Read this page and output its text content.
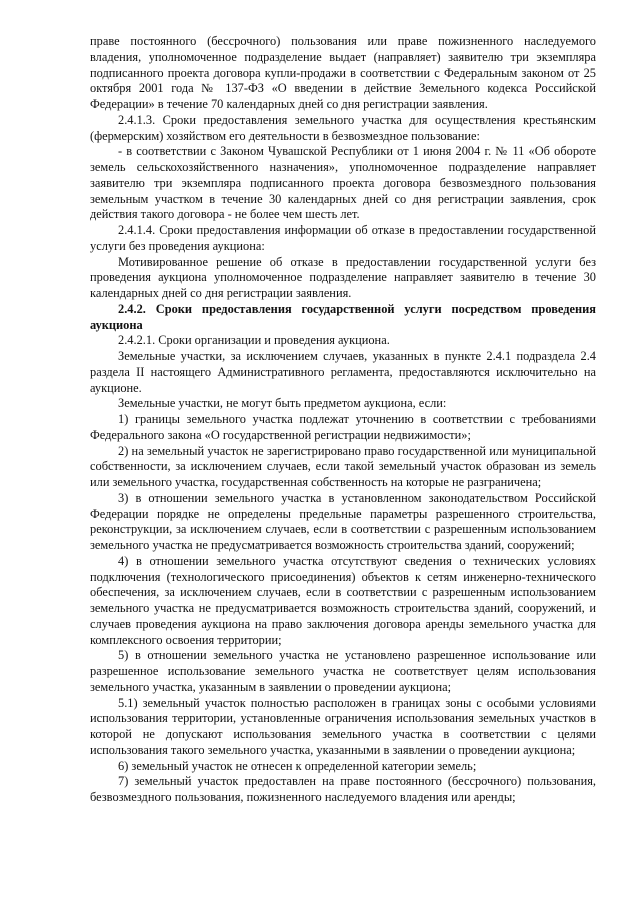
праве постоянного (бессрочного) пользования или праве пожизненного наследуемого владения, уполномоченное подразделение выдает (направляет) заявителю три экземпляра подписанного проекта договора купли-продажи в соответствии с Федеральным законом от 25 октября 2001 года № 137-ФЗ «О введении в действие Земельного кодекса Российской Федерации» в течение 70 календарных дней со дня регистрации заявления.

2.4.1.3. Сроки предоставления земельного участка для осуществления крестьянским (фермерским) хозяйством его деятельности в безвозмездное пользование:

- в соответствии с Законом Чувашской Республики от 1 июня 2004 г. № 11 «Об обороте земель сельскохозяйственного назначения», уполномоченное подразделение направляет заявителю три экземпляра подписанного проекта договора безвозмездного пользования земельным участком в течение 30 календарных дней со дня регистрации заявления, срок действия такого договора - не более чем шесть лет.

2.4.1.4. Сроки предоставления информации об отказе в предоставлении государственной услуги без проведения аукциона:

Мотивированное решение об отказе в предоставлении государственной услуги без проведения аукциона уполномоченное подразделение направляет заявителю в течение 30 календарных дней со дня регистрации заявления.

2.4.2. Сроки предоставления государственной услуги посредством проведения аукциона

2.4.2.1. Сроки организации и проведения аукциона.

Земельные участки, за исключением случаев, указанных в пункте 2.4.1 подраздела 2.4 раздела II настоящего Административного регламента, предоставляются исключительно на аукционе.

Земельные участки, не могут быть предметом аукциона, если:

1) границы земельного участка подлежат уточнению в соответствии с требованиями Федерального закона «О государственной регистрации недвижимости»;

2) на земельный участок не зарегистрировано право государственной или муниципальной собственности, за исключением случаев, если такой земельный участок образован из земель или земельного участка, государственная собственность на которые не разграничена;

3) в отношении земельного участка в установленном законодательством Российской Федерации порядке не определены предельные параметры разрешенного строительства, реконструкции, за исключением случаев, если в соответствии с разрешенным использованием земельного участка не предусматривается возможность строительства зданий, сооружений;

4) в отношении земельного участка отсутствуют сведения о технических условиях подключения (технологического присоединения) объектов к сетям инженерно-технического обеспечения, за исключением случаев, если в соответствии с разрешенным использованием земельного участка не предусматривается возможность строительства зданий, сооружений, и случаев проведения аукциона на право заключения договора аренды земельного участка для комплексного освоения территории;

5) в отношении земельного участка не установлено разрешенное использование или разрешенное использование земельного участка не соответствует целям использования земельного участка, указанным в заявлении о проведении аукциона;

5.1) земельный участок полностью расположен в границах зоны с особыми условиями использования территории, установленные ограничения использования земельных участков в которой не допускают использования земельного участка в соответствии с целями использования такого земельного участка, указанными в заявлении о проведении аукциона;

6) земельный участок не отнесен к определенной категории земель;

7) земельный участок предоставлен на праве постоянного (бессрочного) пользования, безвозмездного пользования, пожизненного наследуемого владения или аренды;
